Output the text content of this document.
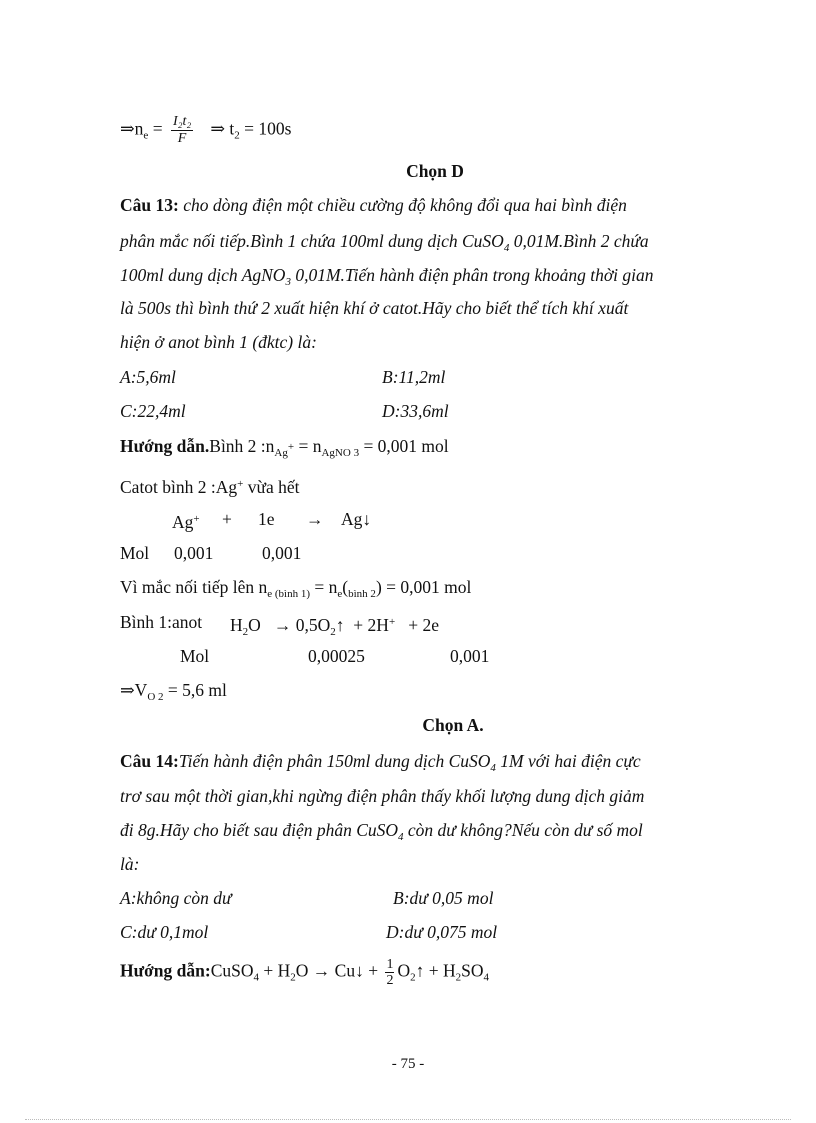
$\Rightarrow n_e = \frac{\text{I₂t₂}}{F}$ ⇒ $t_2 = 100s$
Chọn D
Câu 13: cho dòng điện một chiều cường độ không đổi qua hai bình điện
phân mắc nối tiếp.Bình 1 chứa 100ml dung dịch CuSO$_4$ 0,01M.Bình 2 chứa
100ml dung dịch AgNO$_3$ 0,01M.Tiến hành điện phân trong khoảng thời gian
là 500s thì bình thứ 2 xuất hiện khí ở catot.Hãy cho biết thể tích khí xuất
hiện ở anot bình 1 (đktc) là:
A:5,6ml	B:11,2ml
C:22,4ml	D:33,6ml
Hướng dẫn.Bình 2 $:n_{Ag^+} = n_{AgNO 3} = 0,001$ mol
Catot bình 2 :Ag+ vừa hết
Ag+ + 1e → Ag↓
Mol 0,001	0,001
Vì mắc nối tiếp lên $n_{e (bình 1)} = n_e(_{bình 2}) = 0,001$ mol
Bình 1:anot $H_2O$ → $0,5O_2↑ + 2H^+ + 2e$
Mol	0,00025	0,001
$\Rightarrow V_{O 2} = 5,6$ ml
Chọn A.
Câu 14:Tiến hành điện phân 150ml dung dịch CuSO$_4$ 1M với hai điện cực
trơ sau một thời gian,khi ngừng điện phân thấy khối lượng dung dịch giảm
đi 8g.Hãy cho biết sau điện phân CuSO$_4$ còn dư không?Nếu còn dư số mol
là:
A:không còn dư	B:dư 0,05 mol
C:dư 0,1mol	D:dư 0,075 mol
Hướng dẫn:CuSO$_4$ + $H_2O$ → Cu↓ + $\frac{1}{2}$ $O_2↑ + H_2SO_4$
- 75 -
